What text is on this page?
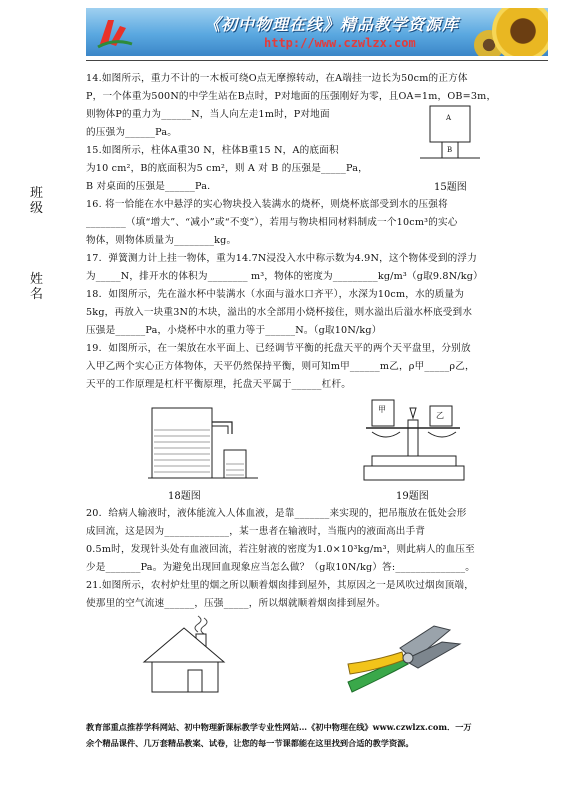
《初中物理在线》精品教学资源库
http://www.czwlzx.com
班级
姓名
14.如图所示，重力不计的一木板可绕O点无摩擦转动，在A端挂一边长为50cm的正方体
P，一个体重为500N的中学生站在B点时，P对地面的压强刚好为零，且OA=1m，OB=3m，
则物体P的重力为______N，当人向左走1m时，P对地面
的压强为______Pa。
15.如图所示，柱体A重30 N，柱体B重15 N，A的底面积
为10 cm²，B的底面积为5 cm²，则 A 对 B 的压强是_____Pa，
B 对桌面的压强是______Pa.
16. 将一恰能在水中悬浮的实心物块投入装满水的烧杯，则烧杯底部受到水的压强将
________（填“增大”、“减小”或“不变”），若用与物块相同材料制成一个10cm³的实心
物体，则物体质量为________kg。
17．弹簧测力计上挂一物体，重为14.7N浸没入水中称示数为4.9N，这个物体受到的浮力
为_____N，排开水的体积为________ m³，物体的密度为_________kg/m³（g取9.8N/kg）
18．如图所示，先在溢水杯中装满水（水面与溢水口齐平），水深为10cm，水的质量为
5kg，再放入一块重3N的木块，溢出的水全部用小烧杯接住，则水溢出后溢水杯底受到水
压强是______Pa，小烧杯中水的重力等于______N。（g取10N/kg）
19．如图所示，在一架放在水平面上、已经调节平衡的托盘天平的两个天平盘里，分别放
入甲乙两个实心正方体物体，天平仍然保持平衡，则可知m甲______m乙，ρ甲_____ρ乙，
天平的工作原理是杠杆平衡原理，托盘天平属于______杠杆。
20．给病人输液时，液体能流入人体血液，是靠_______来实现的，把吊瓶放在低处会形
成回流，这是因为_____________，某一患者在输液时，当瓶内的液面高出手背
0.5m时，发现针头处有血液回流，若注射液的密度为1.0×10³kg/m³，则此病人的血压至
少是_______Pa。为避免出现回血现象应当怎么做？（g取10N/kg）答:______________。
21.如图所示，农村炉灶里的烟之所以顺着烟囱排到屋外，其原因之一是风吹过烟囱顶端，
使那里的空气流速______，压强_____，所以烟就顺着烟囱排到屋外。
A
B
15题图
18题图
甲
乙
19题图
教育部重点推荐学科网站、初中物理新课标教学专业性网站…《初中物理在线》www.czwlzx.com．一万
余个精品课件、几万套精品教案、试卷，让您的每一节课都能在这里找到合适的教学资源。
